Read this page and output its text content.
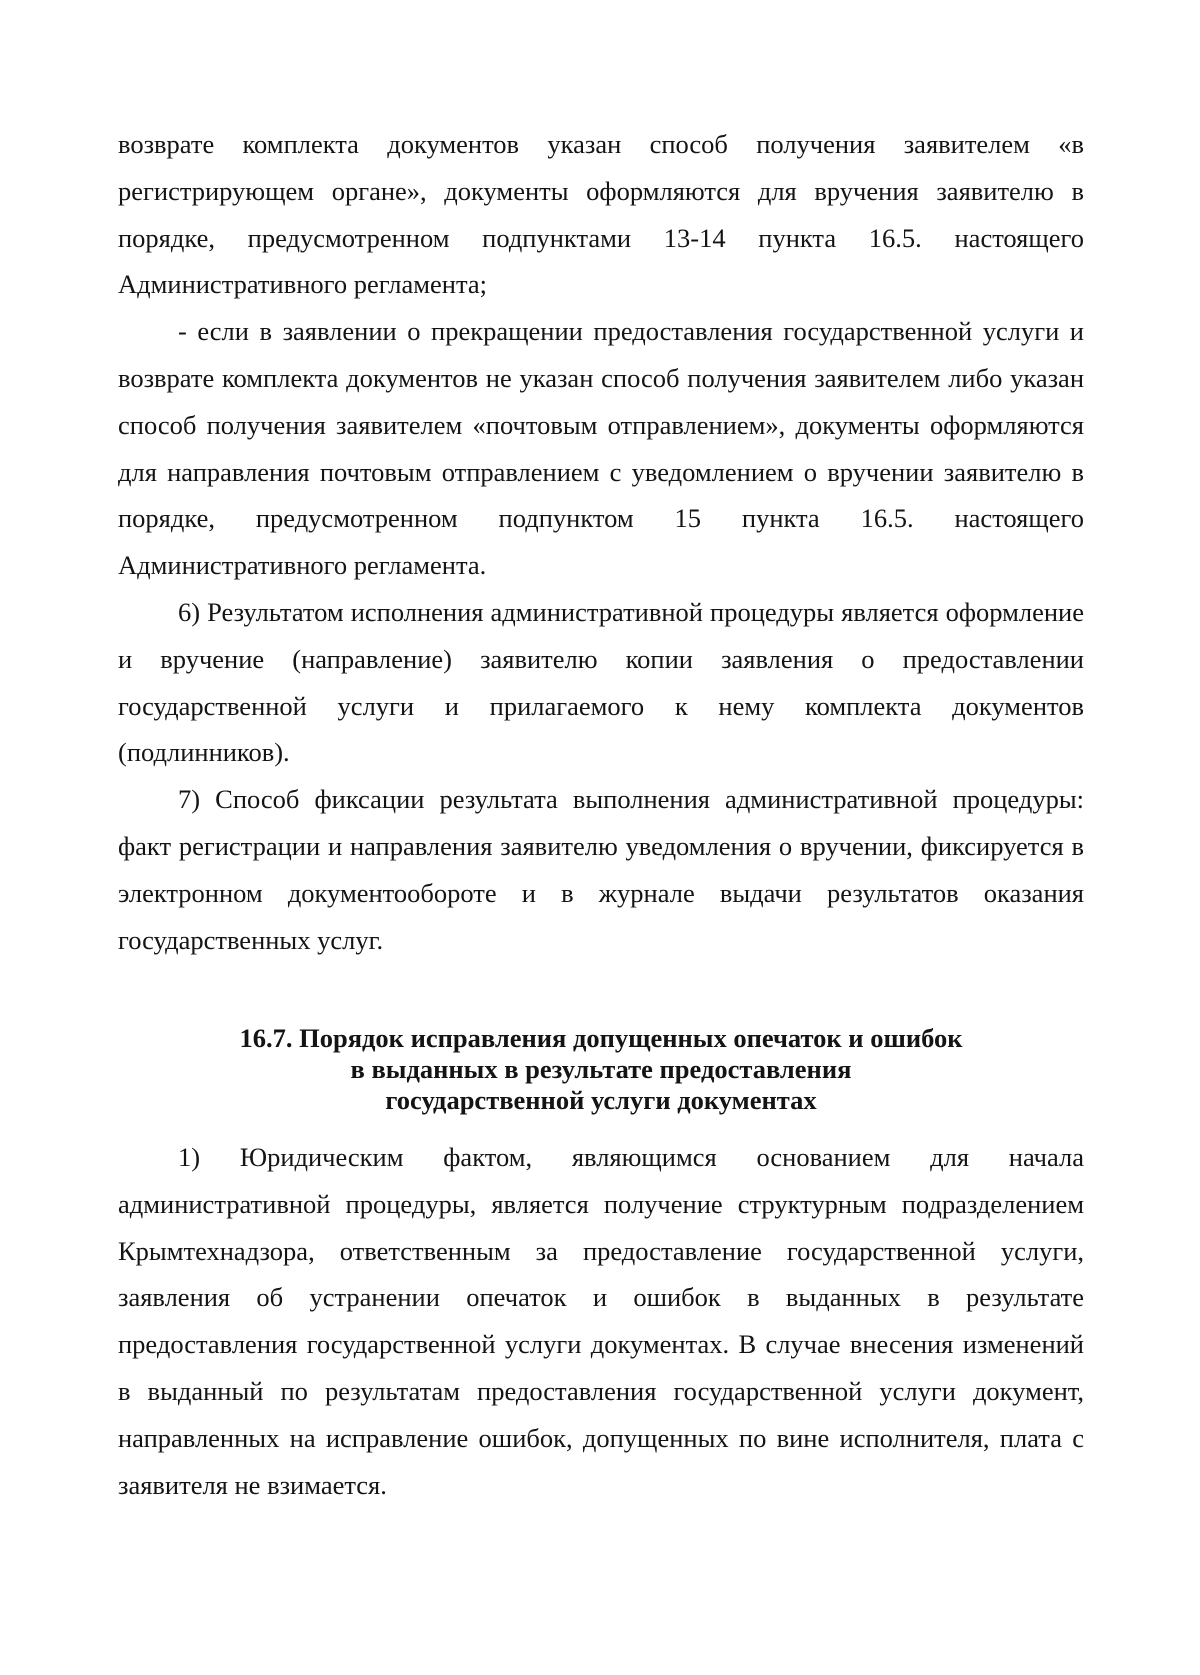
возврате комплекта документов указан способ получения заявителем «в регистрирующем органе», документы оформляются для вручения заявителю в порядке, предусмотренном подпунктами 13-14 пункта 16.5. настоящего Административного регламента;

- если в заявлении о прекращении предоставления государственной услуги и возврате комплекта документов не указан способ получения заявителем либо указан способ получения заявителем «почтовым отправлением», документы оформляются для направления почтовым отправлением с уведомлением о вручении заявителю в порядке, предусмотренном подпунктом 15 пункта 16.5. настоящего Административного регламента.

6) Результатом исполнения административной процедуры является оформление и вручение (направление) заявителю копии заявления о предоставлении государственной услуги и прилагаемого к нему комплекта документов (подлинников).

7) Способ фиксации результата выполнения административной процедуры: факт регистрации и направления заявителю уведомления о вручении, фиксируется в электронном документообороте и в журнале выдачи результатов оказания государственных услуг.

16.7. Порядок исправления допущенных опечаток и ошибок
в выданных в результате предоставления
государственной услуги документах

1) Юридическим фактом, являющимся основанием для начала административной процедуры, является получение структурным подразделением Крымтехнадзора, ответственным за предоставление государственной услуги, заявления об устранении опечаток и ошибок в выданных в результате предоставления государственной услуги документах. В случае внесения изменений в выданный по результатам предоставления государственной услуги документ, направленных на исправление ошибок, допущенных по вине исполнителя, плата с заявителя не взимается.
